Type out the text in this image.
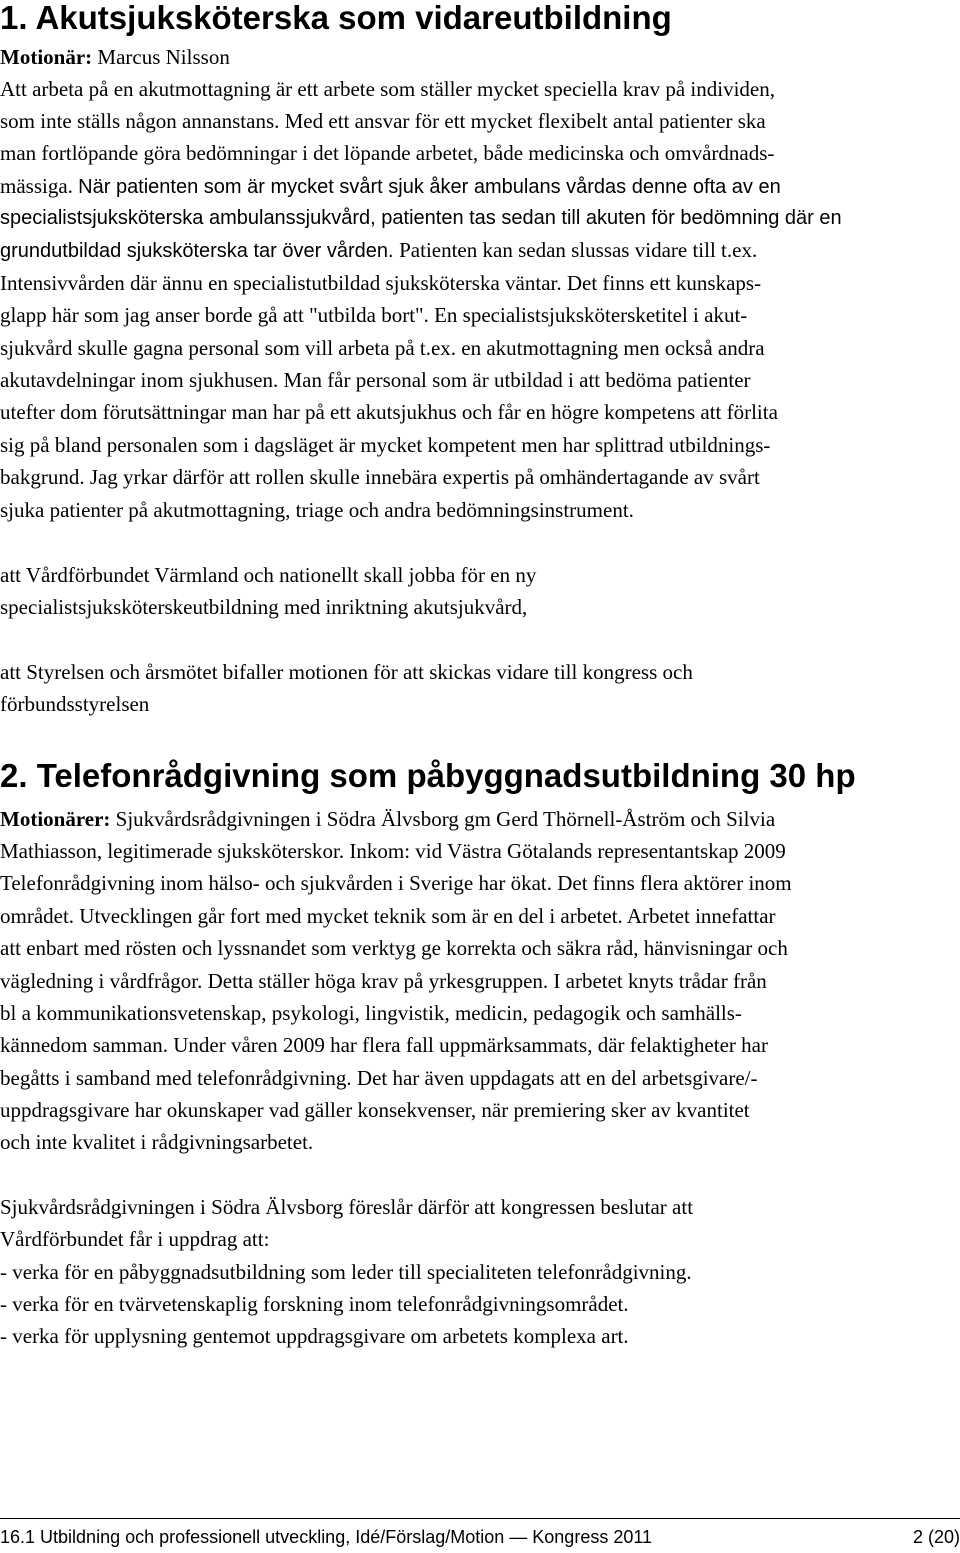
1. Akutsjuksköterska som vidareutbildning

Motionär: Marcus Nilsson

Att arbeta på en akutmottagning är ett arbete som ställer mycket speciella krav på individen,

som inte ställs någon annanstans. Med ett ansvar för ett mycket flexibelt antal patienter ska

man fortlöpande göra bedömningar i det löpande arbetet, både medicinska och omvårdnads-

mässiga. När patienten som är mycket svårt sjuk åker ambulans vårdas denne ofta av en

specialistsjuksköterska ambulanssjukvård, patienten tas sedan till akuten för bedömning där en

grundutbildad sjuksköterska tar över vården. Patienten kan sedan slussas vidare till t.ex.

Intensivvården där ännu en specialistutbildad sjuksköterska väntar. Det finns ett kunskaps-

glapp här som jag anser borde gå att "utbilda bort". En specialistsjukskötersketitel i akut-

sjukvård skulle gagna personal som vill arbeta på t.ex. en akutmottagning men också andra

akutavdelningar inom sjukhusen. Man får personal som är utbildad i att bedöma patienter

utefter dom förutsättningar man har på ett akutsjukhus och får en högre kompetens att förlita

sig på bland personalen som i dagsläget är mycket kompetent men har splittrad utbildnings-

bakgrund. Jag yrkar därför att rollen skulle innebära expertis på omhändertagande av svårt

sjuka patienter på akutmottagning, triage och andra bedömningsinstrument.

att Vårdförbundet Värmland och nationellt skall jobba för en ny

specialistsjuksköterskeutbildning med inriktning akutsjukvård,

att Styrelsen och årsmötet bifaller motionen för att skickas vidare till kongress och

förbundsstyrelsen

2. Telefonrådgivning som påbyggnadsutbildning 30 hp

Motionärer: Sjukvårdsrådgivningen i Södra Älvsborg gm Gerd Thörnell-Åström och Silvia

Mathiasson, legitimerade sjuksköterskor. Inkom: vid Västra Götalands representantskap 2009

Telefonrådgivning inom hälso- och sjukvården i Sverige har ökat. Det finns flera aktörer inom

området. Utvecklingen går fort med mycket teknik som är en del i arbetet. Arbetet innefattar

att enbart med rösten och lyssnandet som verktyg ge korrekta och säkra råd, hänvisningar och

vägledning i vårdfrågor. Detta ställer höga krav på yrkesgruppen. I arbetet knyts trådar från

bl a kommunikationsvetenskap, psykologi, lingvistik, medicin, pedagogik och samhälls-

kännedom samman. Under våren 2009 har flera fall uppmärksammats, där felaktigheter har

begåtts i samband med telefonrådgivning. Det har även uppdagats att en del arbetsgivare/-

uppdragsgivare har okunskaper vad gäller konsekvenser, när premiering sker av kvantitet

och inte kvalitet i rådgivningsarbetet.

Sjukvårdsrådgivningen i Södra Älvsborg föreslår därför att kongressen beslutar att

Vårdförbundet får i uppdrag att:

- verka för en påbyggnadsutbildning som leder till specialiteten telefonrådgivning.

- verka för en tvärvetenskaplig forskning inom telefonrådgivningsområdet.

- verka för upplysning gentemot uppdragsgivare om arbetets komplexa art.

16.1 Utbildning och professionell utveckling, Idé/Förslag/Motion — Kongress 2011	2 (20)
